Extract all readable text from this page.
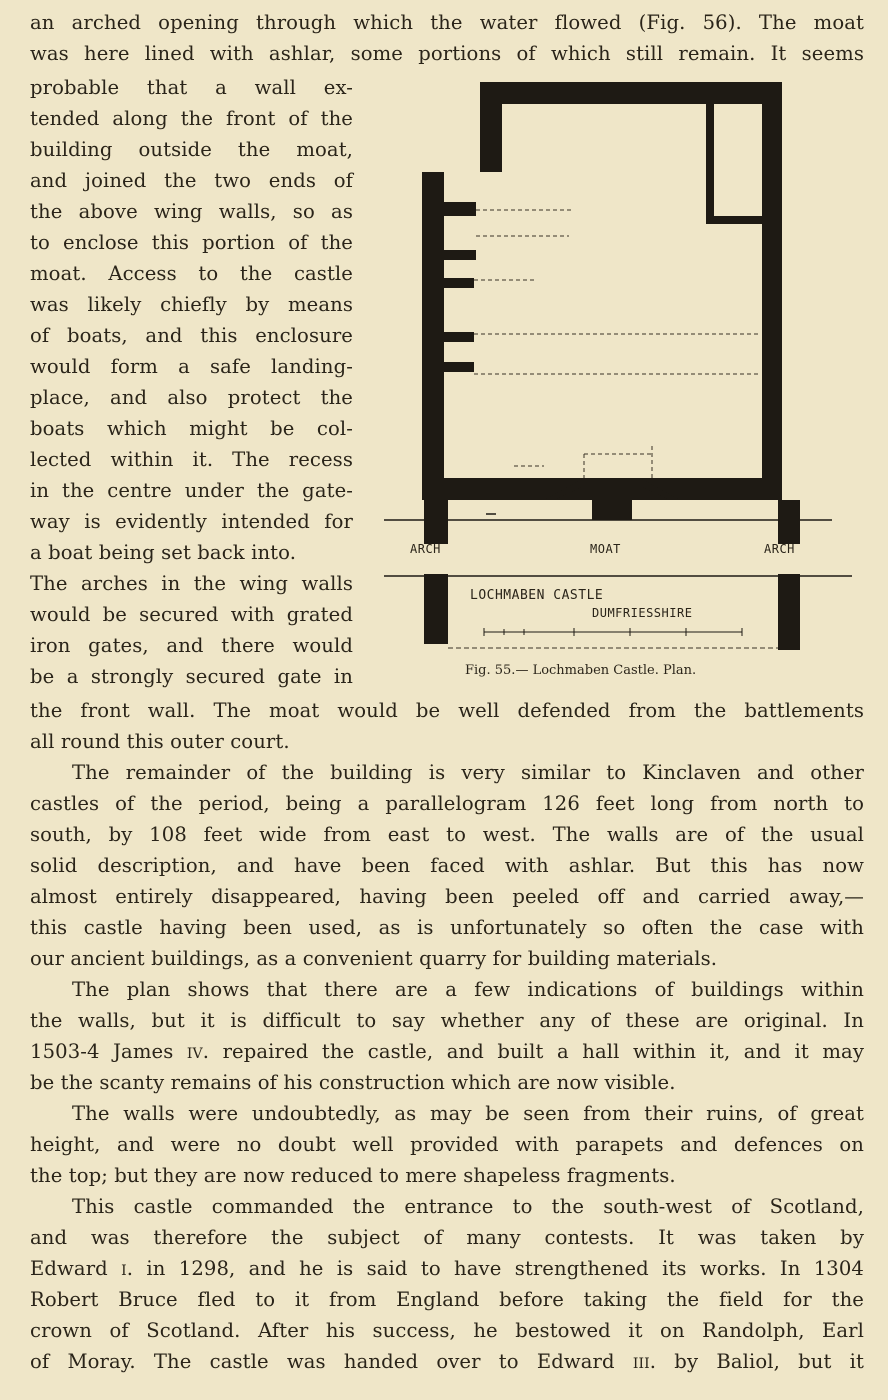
an arched opening through which the water flowed (Fig. 56). The moat
was here lined with ashlar, some portions of which still remain. It seems
probable that a wall ex-
tended along the front of the
building outside the moat,
and joined the two ends of
the above wing walls, so as
to enclose this portion of the
moat. Access to the castle
was likely chiefly by means
of boats, and this enclosure
would form a safe landing-
place, and also protect the
boats which might be col-
lected within it. The recess
in the centre under the gate-
way is evidently intended for
a boat being set back into.
The arches in the wing walls
would be secured with grated
iron gates, and there would
be a strongly secured gate in
ARCH	MOAT	ARCH
LOCHMABEN CASTLE
DUMFRIESSHIRE
Fig. 55.— Lochmaben Castle. Plan.
the front wall. The moat would be well defended from the battlements
all round this outer court.
The remainder of the building is very similar to Kinclaven and other
castles of the period, being a parallelogram 126 feet long from north to
south, by 108 feet wide from east to west. The walls are of the usual
solid description, and have been faced with ashlar. But this has now
almost entirely disappeared, having been peeled off and carried away,—
this castle having been used, as is unfortunately so often the case with
our ancient buildings, as a convenient quarry for building materials.
The plan shows that there are a few indications of buildings within
the walls, but it is difficult to say whether any of these are original. In
1503-4 James iv. repaired the castle, and built a hall within it, and it may
be the scanty remains of his construction which are now visible.
The walls were undoubtedly, as may be seen from their ruins, of great
height, and were no doubt well provided with parapets and defences on
the top; but they are now reduced to mere shapeless fragments.
This castle commanded the entrance to the south-west of Scotland,
and was therefore the subject of many contests. It was taken by
Edward i. in 1298, and he is said to have strengthened its works. In 1304
Robert Bruce fled to it from England before taking the field for the
crown of Scotland. After his success, he bestowed it on Randolph, Earl
of Moray. The castle was handed over to Edward iii. by Baliol, but it
